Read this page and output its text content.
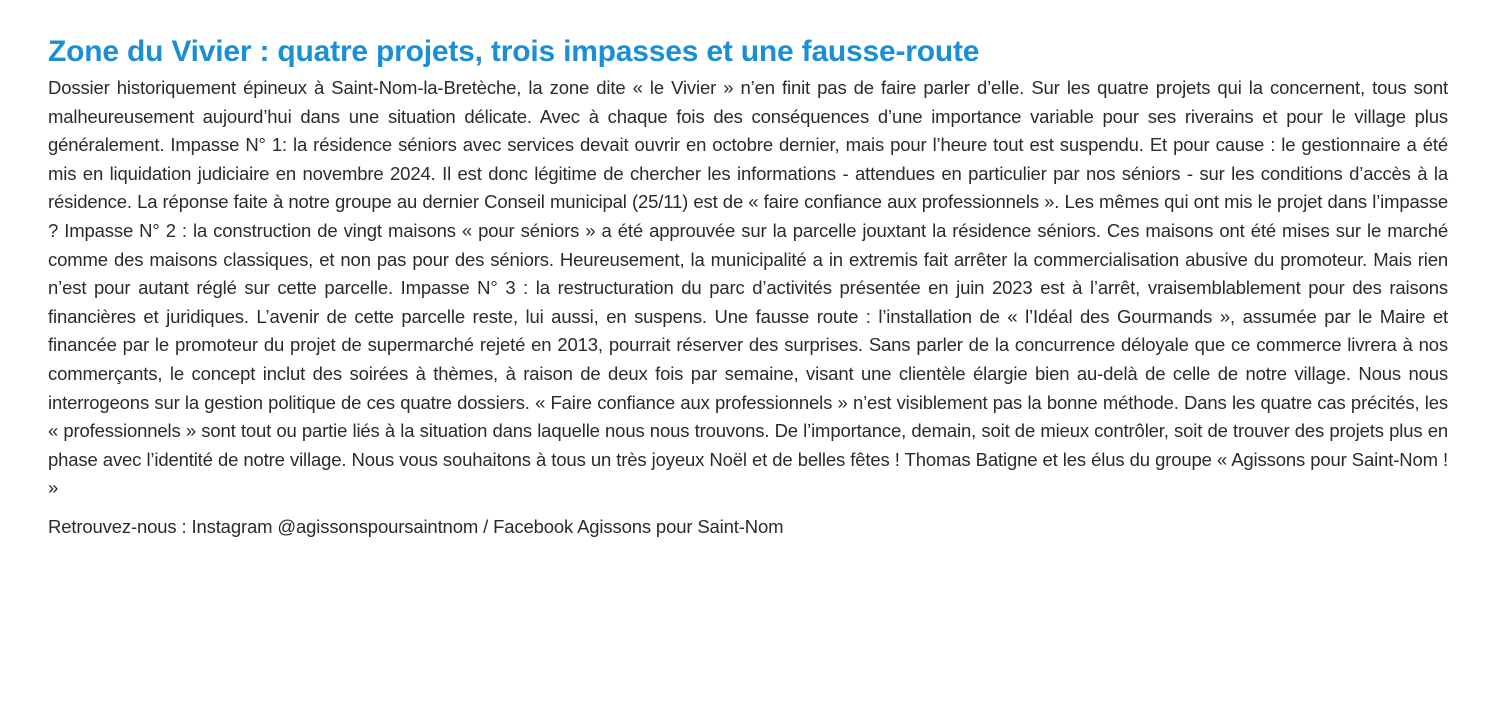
Zone du Vivier : quatre projets, trois impasses et une fausse-route

Dossier historiquement épineux à Saint-Nom-la-Bretèche, la zone dite « le Vivier » n’en finit pas de faire parler d’elle. Sur les quatre projets qui la concernent, tous sont malheureusement aujourd’hui dans une situation délicate. Avec à chaque fois des conséquences d’une importance variable pour ses riverains et pour le village plus généralement. Impasse N° 1: la résidence séniors avec services devait ouvrir en octobre dernier, mais pour l’heure tout est suspendu. Et pour cause : le gestionnaire a été mis en liquidation judiciaire en novembre 2024. Il est donc légitime de chercher les informations - attendues en particulier par nos séniors - sur les conditions d’accès à la résidence. La réponse faite à notre groupe au dernier Conseil municipal (25/11) est de « faire confiance aux professionnels ». Les mêmes qui ont mis le projet dans l’impasse ? Impasse N° 2 : la construction de vingt maisons « pour séniors » a été approuvée sur la parcelle jouxtant la résidence séniors. Ces maisons ont été mises sur le marché comme des maisons classiques, et non pas pour des séniors. Heureusement, la municipalité a in extremis fait arrêter la commercialisation abusive du promoteur. Mais rien n’est pour autant réglé sur cette parcelle. Impasse N° 3 : la restructuration du parc d’activités présentée en juin 2023 est à l’arrêt, vraisemblablement pour des raisons financières et juridiques. L’avenir de cette parcelle reste, lui aussi, en suspens. Une fausse route : l’installation de « l’Idéal des Gourmands », assumée par le Maire et financée par le promoteur du projet de supermarché rejeté en 2013, pourrait réserver des surprises. Sans parler de la concurrence déloyale que ce commerce livrera à nos commerçants, le concept inclut des soirées à thèmes, à raison de deux fois par semaine, visant une clientèle élargie bien au-delà de celle de notre village. Nous nous interrogeons sur la gestion politique de ces quatre dossiers. « Faire confiance aux professionnels » n’est visiblement pas la bonne méthode. Dans les quatre cas précités, les « professionnels » sont tout ou partie liés à la situation dans laquelle nous nous trouvons. De l’importance, demain, soit de mieux contrôler, soit de trouver des projets plus en phase avec l’identité de notre village. Nous vous souhaitons à tous un très joyeux Noël et de belles fêtes ! Thomas Batigne et les élus du groupe « Agissons pour Saint-Nom ! »

Retrouvez-nous : Instagram @agissonspoursaintnom / Facebook Agissons pour Saint-Nom
